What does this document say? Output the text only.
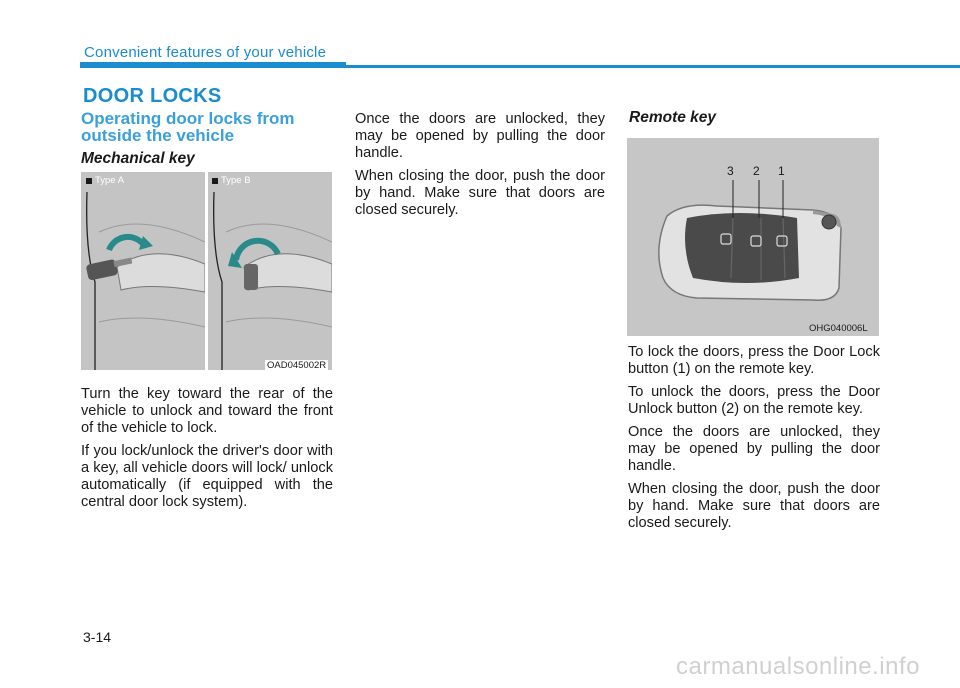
Convenient features of your vehicle
DOOR LOCKS
Operating door locks from outside the vehicle
Mechanical key
Type A	Type B
OAD045002R

Turn the key toward the rear of the vehicle to unlock and toward the front of the vehicle to lock.

If you lock/unlock the driver's door with a key, all vehicle doors will lock/ unlock automatically (if equipped with the central door lock system).

Once the doors are unlocked, they may be opened by pulling the door handle.

When closing the door, push the door by hand. Make sure that doors are closed securely.

Remote key
3 2 1
OHG040006L

To lock the doors, press the Door Lock button (1) on the remote key.

To unlock the doors, press the Door Unlock button (2) on the remote key.

Once the doors are unlocked, they may be opened by pulling the door handle.

When closing the door, push the door by hand. Make sure that doors are closed securely.

3-14
carmanualsonline.info
